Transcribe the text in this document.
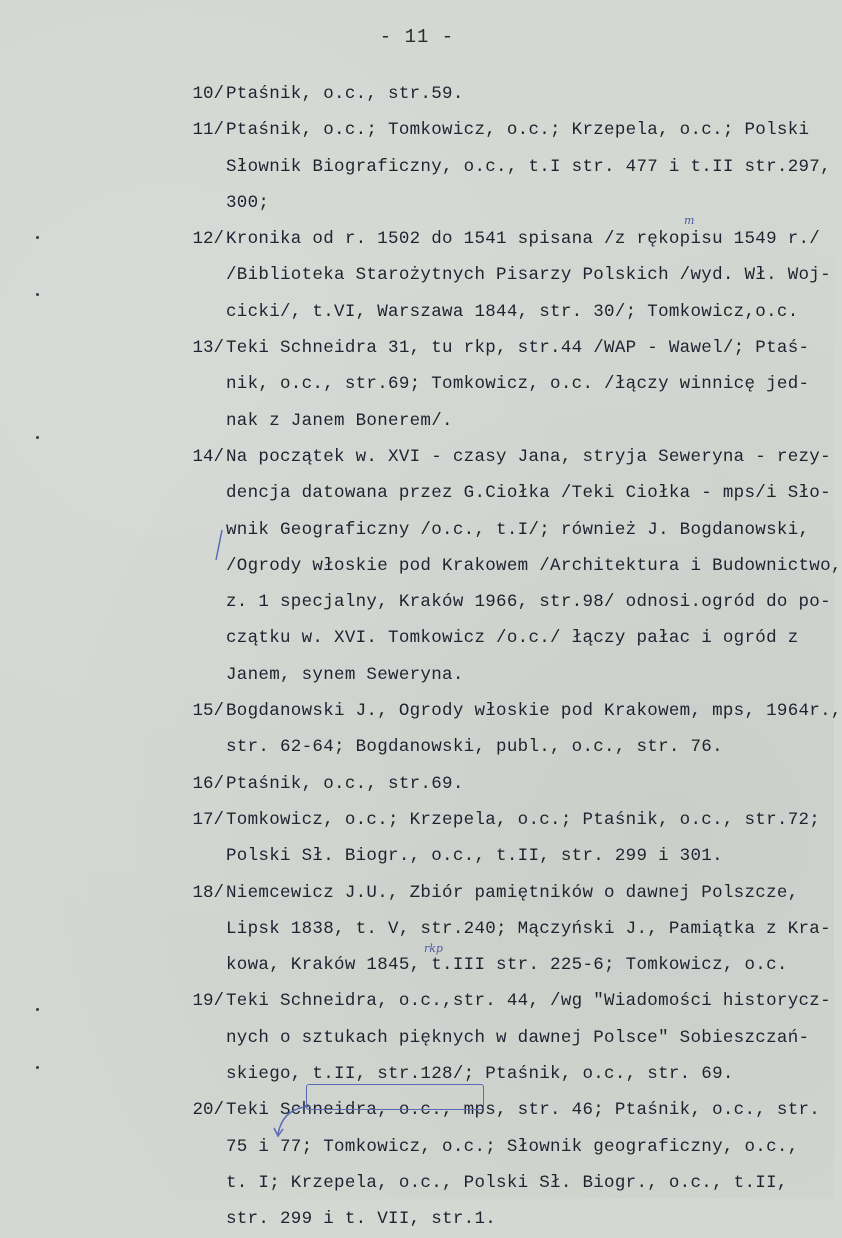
- 11 -
10/ Ptaśnik, o.c., str.59.
11/ Ptaśnik, o.c.; Tomkowicz, o.c.; Krzepela, o.c.; Polski
Słownik Biograficzny, o.c., t.I str. 477 i t.II str.297,
300;
12/ Kronika od r. 1502 do 1541 spisana /z rękopisu 1549 r./
/Biblioteka Starożytnych Pisarzy Polskich /wyd. Wł. Woj-
cicki/, t.VI, Warszawa 1844, str. 30/; Tomkowicz,o.c.
13/ Teki Schneidra 31, tu rkp, str.44 /WAP - Wawel/; Ptaś-
nik, o.c., str.69; Tomkowicz, o.c. /łączy winnicę jed-
nak z Janem Bonerem/.
14/ Na początek w. XVI - czasy Jana, stryja Seweryna - rezy-
dencja datowana przez G.Ciołka /Teki Ciołka - mps/i Sło-
wnik Geograficzny /o.c., t.I/; również J. Bogdanowski,
/Ogrody włoskie pod Krakowem /Architektura i Budownictwo,
z. 1 specjalny, Kraków 1966, str.98/ odnosi.ogród do po-
czątku w. XVI. Tomkowicz /o.c./ łączy pałac i ogród z
Janem, synem Seweryna.
15/ Bogdanowski J., Ogrody włoskie pod Krakowem, mps, 1964r.,
str. 62-64; Bogdanowski, publ., o.c., str. 76.
16/ Ptaśnik, o.c., str.69.
17/ Tomkowicz, o.c.; Krzepela, o.c.; Ptaśnik, o.c., str.72;
Polski Sł. Biogr., o.c., t.II, str. 299 i 301.
18/ Niemcewicz J.U., Zbiór pamiętników o dawnej Polszcze,
Lipsk 1838, t. V, str.240; Mączyński J., Pamiątka z Kra-
kowa, Kraków 1845, t.III str. 225-6; Tomkowicz, o.c.
19/ Teki Schneidra, o.c.,str. 44, /wg "Wiadomości historycz-
nych o sztukach pięknych w dawnej Polsce" Sobieszczań-
skiego, t.II, str.128/; Ptaśnik, o.c., str. 69.
20/ Teki Schneidra, o.c., mps, str. 46; Ptaśnik, o.c., str.
75 i 77; Tomkowicz, o.c.; Słownik geograficzny, o.c.,
t. I; Krzepela, o.c., Polski Sł. Biogr., o.c., t.II,
str. 299 i t. VII, str.1.
m
rkp
